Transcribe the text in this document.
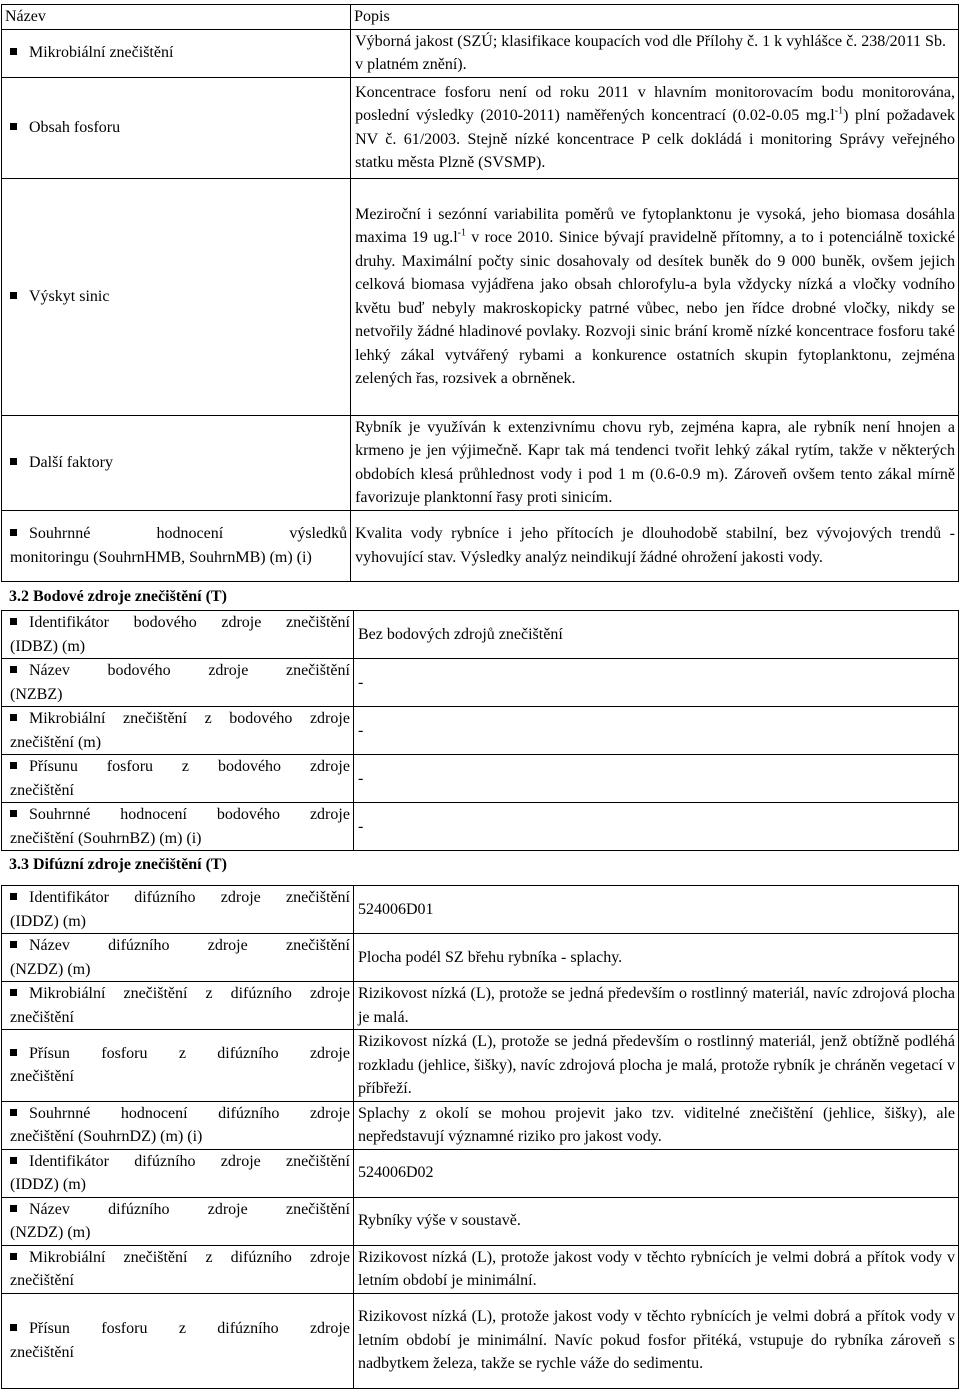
Název	Popis
Mikrobiální znečištění	Výborná jakost (SZÚ; klasifikace koupacích vod dle Přílohy č. 1 k vyhlášce č. 238/2011 Sb. v platném znění).
Obsah fosforu	Koncentrace fosforu není od roku 2011 v hlavním monitorovacím bodu monitorována, poslední výsledky (2010-2011) naměřených koncentrací (0.02-0.05 $mg.l^{-1}$) plní požadavek NV č. 61/2003. Stejně nízké koncentrace P celk dokládá i monitoring Správy veřejného statku města Plzně (SVSMP).
Výskyt sinic	Meziroční i sezónní variabilita poměrů ve fytoplanktonu je vysoká, jeho biomasa dosáhla maxima 19 $ug.l^{-1}$ v roce 2010. Sinice bývají pravidelně přítomny, a to i potenciálně toxické druhy. Maximální počty sinic dosahovaly od desítek buněk do 9 000 buněk, ovšem jejich celková biomasa vyjádřena jako obsah chlorofylu-a byla vždycky nízká a vločky vodního květu buď nebyly makroskopicky patrné vůbec, nebo jen řídce drobné vločky, nikdy se netvořily žádné hladinové povlaky. Rozvoji sinic brání kromě nízké koncentrace fosforu také lehký zákal vytvářený rybami a konkurence ostatních skupin fytoplanktonu, zejména zelených řas, rozsivek a obrněnek.
Další faktory	Rybník je využíván k extenzivnímu chovu ryb, zejména kapra, ale rybník není hnojen a krmeno je jen výjimečně. Kapr tak má tendenci tvořit lehký zákal rytím, takže v některých obdobích klesá průhlednost vody i pod 1 m (0.6-0.9 m). Zároveň ovšem tento zákal mírně favorizuje planktonní řasy proti sinicím.

Souhrnné hodnocení výsledků
monitoringu (SouhrnHMB, SouhrnMB) (m) (i)	Kvalita vody rybníce i jeho přítocích je dlouhodobě stabilní, bez vývojových trendů - vyhovující stav. Výsledky analýz neindikují žádné ohrožení jakosti vody.
3.2 Bodové zdroje znečištění (T)
Identifikátor bodového zdroje znečištění
(IDBZ) (m)	Bez bodových zdrojů znečištění

Název bodového zdroje znečištění
(NZBZ)	-

Mikrobiální znečištění z bodového zdroje
znečištění (m)	-

Přísunu fosforu z bodového zdroje
znečištění	-

Souhrnné hodnocení bodového zdroje
znečištění (SouhrnBZ) (m) (i)	-
3.3 Difúzní zdroje znečištění (T)
Identifikátor difúzního zdroje znečištění
(IDDZ) (m)	524006D01

Název difúzního zdroje znečištění
(NZDZ) (m)	Plocha podél SZ břehu rybníka - splachy.

Mikrobiální znečištění z difúzního zdroje
znečištění	Rizikovost nízká (L), protože se jedná především o rostlinný materiál, navíc zdrojová plocha je malá.

Přísun fosforu z difúzního zdroje
znečištění	Rizikovost nízká (L), protože se jedná především o rostlinný materiál, jenž obtížně podléhá rozkladu (jehlice, šišky), navíc zdrojová plocha je malá, protože rybník je chráněn vegetací v příbřeží.

Souhrnné hodnocení difúzního zdroje
znečištění (SouhrnDZ) (m) (i)	Splachy z okolí se mohou projevit jako tzv. viditelné znečištění (jehlice, šišky), ale nepředstavují významné riziko pro jakost vody.

Identifikátor difúzního zdroje znečištění
(IDDZ) (m)	524006D02

Název difúzního zdroje znečištění
(NZDZ) (m)	Rybníky výše v soustavě.

Mikrobiální znečištění z difúzního zdroje
znečištění	Rizikovost nízká (L), protože jakost vody v těchto rybnících je velmi dobrá a přítok vody v letním období je minimální.

Přísun fosforu z difúzního zdroje
znečištění	Rizikovost nízká (L), protože jakost vody v těchto rybnících je velmi dobrá a přítok vody v letním období je minimální. Navíc pokud fosfor přitéká, vstupuje do rybníka zároveň s nadbytkem železa, takže se rychle váže do sedimentu.
